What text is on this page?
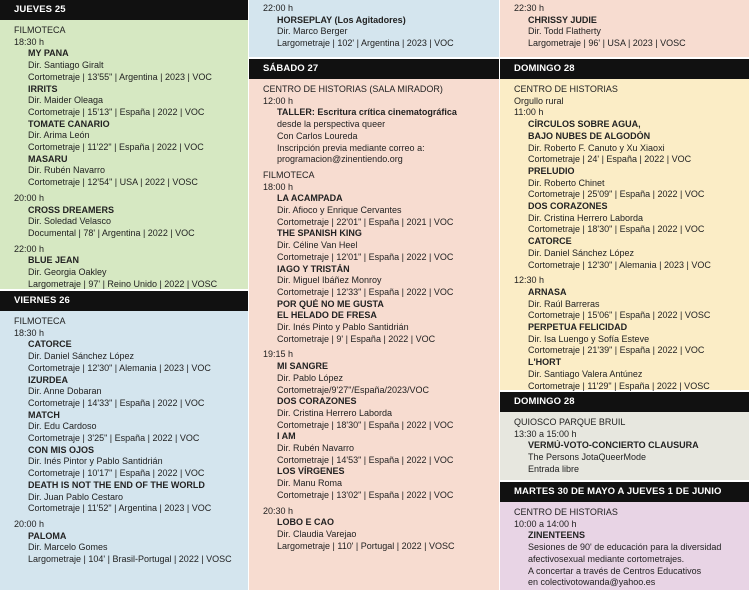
JUEVES 25
FILMOTECA
18:30 h
MY PANA
Dir. Santiago Giralt
Cortometraje | 13'55" | Argentina | 2023 | VOC
IRRITS
Dir. Maider Oleaga
Cortometraje | 15'13" | España | 2022 | VOC
TOMATE CANARIO
Dir. Arima León
Cortometraje | 11'22" | España | 2022 | VOC
MASARU
Dir. Rubén Navarro
Cortometraje | 12'54" | USA | 2022 | VOSC
20:00 h
CROSS DREAMERS
Dir. Soledad Velasco
Documental | 78' | Argentina | 2022 | VOC
22:00 h
BLUE JEAN
Dir. Georgia Oakley
Largometraje | 97' | Reino Unido | 2022 | VOSC
VIERNES 26
FILMOTECA
18:30 h
CATORCE
Dir. Daniel Sánchez López
Cortometraje | 12'30" | Alemania | 2023 | VOC
IZURDEA
Dir. Anne Dobaran
Cortometraje | 14'33" | España | 2022 | VOC
MATCH
Dir. Edu Cardoso
Cortometraje | 3'25" | España | 2022 | VOC
CON MIS OJOS
Dir. Inés Pintor y Pablo Santidrián
Cortometraje | 10'17" | España | 2022 | VOC
DEATH IS NOT THE END OF THE WORLD
Dir. Juan Pablo Cestaro
Cortometraje | 11'52" | Argentina | 2023 | VOC
20:00 h
PALOMA
Dir. Marcelo Gomes
Largometraje | 104' | Brasil-Portugal | 2022 | VOSC
22:00 h
HORSEPLAY (Los Agitadores)
Dir. Marco Berger
Largometraje | 102' | Argentina | 2023 | VOC
SÁBADO 27
CENTRO DE HISTORIAS (SALA MIRADOR)
12:00 h
TALLER: Escritura crítica cinematográfica
desde la perspectiva queer
Con Carlos Loureda
Inscripción previa mediante correo a:
programacion@zinentiendo.org
FILMOTECA
18:00 h
LA ACAMPADA
Dir. Afioco y Enrique Cervantes
Cortometraje | 22'01" | España | 2021 | VOC
THE SPANISH KING
Dir. Céline Van Heel
Cortometraje | 12'01" | España | 2022 | VOC
IAGO Y TRISTÁN
Dir. Miguel Ibáñez Monroy
Cortometraje | 12'33" | España | 2022 | VOC
POR QUÉ NO ME GUSTA
EL HELADO DE FRESA
Dir. Inés Pinto y Pablo Santidrián
Cortometraje | 9' | España | 2022 | VOC
19:15 h
MI SANGRE
Dir. Pablo López
Cortometraje/9'27"/España/2023/VOC
DOS CORAZONES
Dir. Cristina Herrero Laborda
Cortometraje | 18'30" | España | 2022 | VOC
I AM
Dir. Rubén Navarro
Cortometraje | 14'53" | España | 2022 | VOC
LOS VÍRGENES
Dir. Manu Roma
Cortometraje | 13'02" | España | 2022 | VOC
20:30 h
LOBO E CAO
Dir. Claudia Varejao
Largometraje | 110' | Portugal | 2022 | VOSC
22:30 h
CHRISSY JUDIE
Dir. Todd Flatherty
Largometraje | 96' | USA | 2023 | VOSC
DOMINGO 28
CENTRO DE HISTORIAS
Orgullo rural
11:00 h
CÍRCULOS SOBRE AGUA,
BAJO NUBES DE ALGODÓN
Dir. Roberto F. Canuto y Xu Xiaoxi
Cortometraje | 24' | España | 2022 | VOC
PRELUDIO
Dir. Roberto Chinet
Cortometraje | 25'09" | España | 2022 | VOC
DOS CORAZONES
Dir. Cristina Herrero Laborda
Cortometraje | 18'30" | España | 2022 | VOC
CATORCE
Dir. Daniel Sánchez López
Cortometraje | 12'30" | Alemania | 2023 | VOC
12:30 h
ARNASA
Dir. Raúl Barreras
Cortometraje | 15'06" | España | 2022 | VOSC
PERPETUA FELICIDAD
Dir. Isa Luengo y Sofía Esteve
Cortometraje | 21'39" | España | 2022 | VOC
L'HORT
Dir. Santiago Valera Antúnez
Cortometraje | 11'29" | España | 2022 | VOSC
DOMINGO 28
QUIOSCO PARQUE BRUIL
13:30 a 15:00 h
VERMÚ-VOTO-CONCIERTO CLAUSURA
The Persons JotaQueerMode
Entrada libre
MARTES 30 DE MAYO A JUEVES 1 DE JUNIO
CENTRO DE HISTORIAS
10:00 a 14:00 h
ZINENTEENS
Sesiones de 90' de educación para la diversidad
afectivosexual mediante cortometrajes.
A concertar a través de Centros Educativos
en colectivotowanda@yahoo.es
